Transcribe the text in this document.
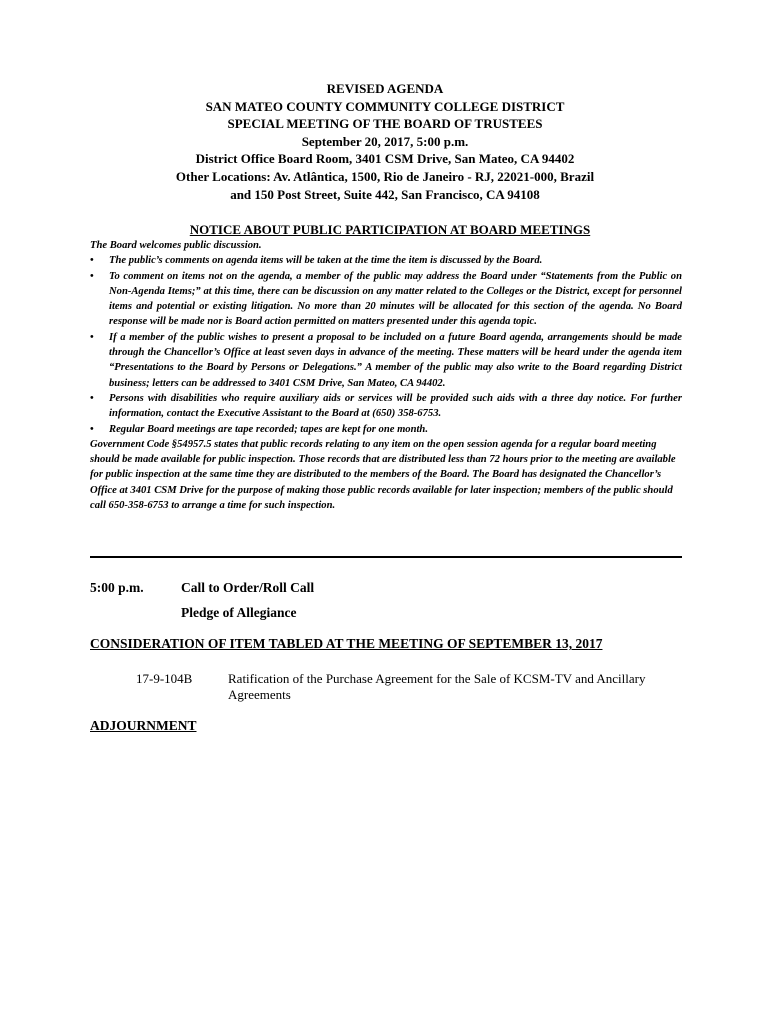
REVISED AGENDA
SAN MATEO COUNTY COMMUNITY COLLEGE DISTRICT
SPECIAL MEETING OF THE BOARD OF TRUSTEES
September 20, 2017, 5:00 p.m.
District Office Board Room, 3401 CSM Drive, San Mateo, CA 94402
Other Locations: Av. Atlântica, 1500, Rio de Janeiro - RJ, 22021-000, Brazil
and 150 Post Street, Suite 442, San Francisco, CA 94108
NOTICE ABOUT PUBLIC PARTICIPATION AT BOARD MEETINGS

The Board welcomes public discussion.

• The public’s comments on agenda items will be taken at the time the item is discussed by the Board.
• To comment on items not on the agenda, a member of the public may address the Board under “Statements from the Public on Non-Agenda Items;” at this time, there can be discussion on any matter related to the Colleges or the District, except for personnel items and potential or existing litigation. No more than 20 minutes will be allocated for this section of the agenda. No Board response will be made nor is Board action permitted on matters presented under this agenda topic.
• If a member of the public wishes to present a proposal to be included on a future Board agenda, arrangements should be made through the Chancellor’s Office at least seven days in advance of the meeting. These matters will be heard under the agenda item “Presentations to the Board by Persons or Delegations.” A member of the public may also write to the Board regarding District business; letters can be addressed to 3401 CSM Drive, San Mateo, CA 94402.
• Persons with disabilities who require auxiliary aids or services will be provided such aids with a three day notice. For further information, contact the Executive Assistant to the Board at (650) 358-6753.
• Regular Board meetings are tape recorded; tapes are kept for one month.

Government Code §54957.5 states that public records relating to any item on the open session agenda for a regular board meeting should be made available for public inspection. Those records that are distributed less than 72 hours prior to the meeting are available for public inspection at the same time they are distributed to the members of the Board. The Board has designated the Chancellor’s Office at 3401 CSM Drive for the purpose of making those public records available for later inspection; members of the public should call 650-358-6753 to arrange a time for such inspection.

5:00 p.m.	Call to Order/Roll Call
Pledge of Allegiance
CONSIDERATION OF ITEM TABLED AT THE MEETING OF SEPTEMBER 13, 2017
17-9-104B	Ratification of the Purchase Agreement for the Sale of KCSM-TV and Ancillary Agreements
ADJOURNMENT
